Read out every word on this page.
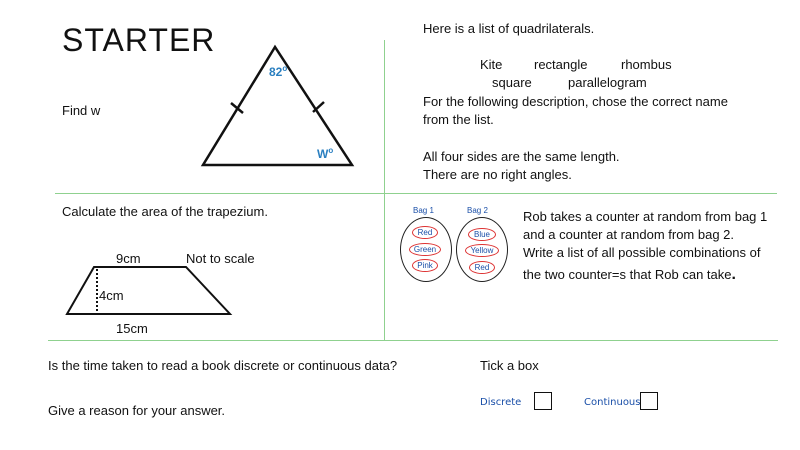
STARTER
Find w
82$^o$
$W^o$
Here is a list of quadrilaterals.
Kite rectangle	rhombus
square	parallelogram
For the following description, chose the correct name
from the list.
All four sides are the same length.
There are no right angles.
Calculate the area of the trapezium.
9cm	Not to scale
4cm
15cm
Bag 1	Bag 2
Red
Green
Pink
Blue
Yellow
Red
Rob takes a counter at random from bag 1
and a counter at random from bag 2.
Write a list of all possible combinations of
the two counter=s that Rob can take.
Is the time taken to read a book discrete or continuous data?	Tick a box
Give a reason for your answer.
Discrete	Continuous
